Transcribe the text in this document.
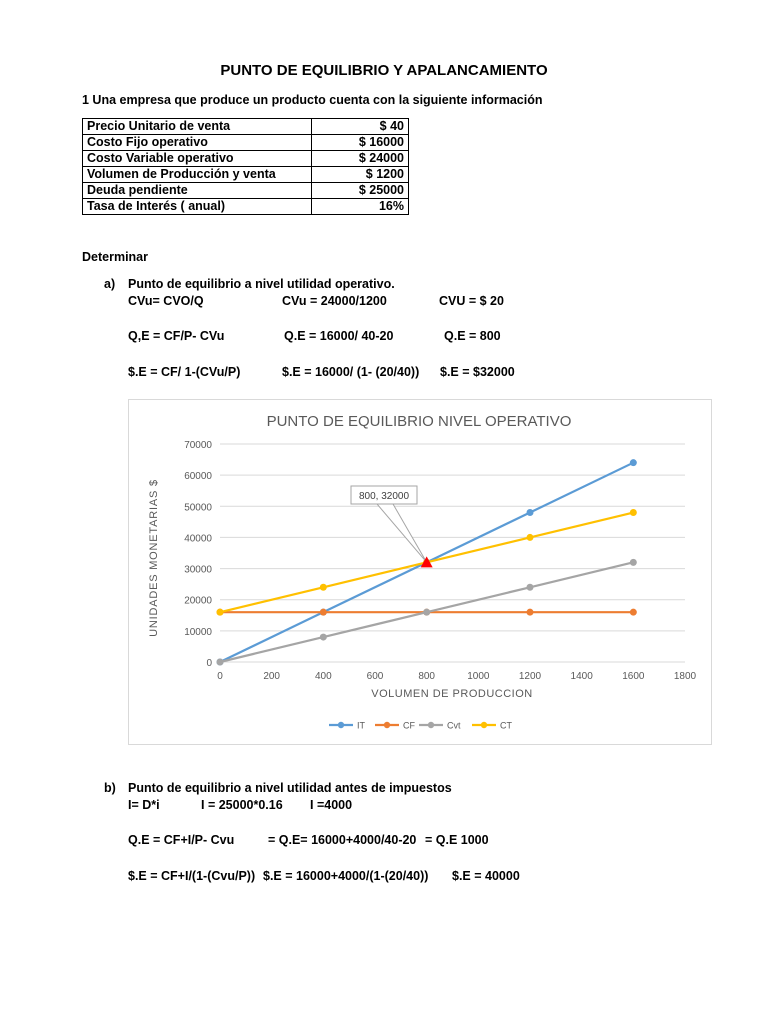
PUNTO DE EQUILIBRIO Y APALANCAMIENTO
1 Una empresa que produce un producto cuenta con la siguiente información
Precio Unitario de venta	$ 40
Costo Fijo operativo	$ 16000
Costo Variable operativo	$ 24000
Volumen de Producción y venta	$ 1200
Deuda pendiente	$ 25000
Tasa de Interés ( anual)	16%
Determinar
a) Punto de equilibrio a nivel utilidad operativo.
CVu= CVO/Q	CVu = 24000/1200	CVU = $ 20
Q,E = CF/P- CVu	Q.E = 16000/ 40-20	Q.E = 800
$.E = CF/ 1-(CVu/P)	$.E = 16000/ (1- (20/40)) $.E = $32000
PUNTO DE EQUILIBRIO NIVEL OPERATIVO
0
10000
20000
30000
40000
50000
60000
70000
0	200	400	600	800	1000	1200	1400	1600	1800
800, 32000
VOLUMEN DE PRODUCCION
UNIDADES MONETARIAS $
IT	CF	Cvt	CT
b) Punto de equilibrio a nivel utilidad antes de impuestos
I= D*i	I = 25000*0.16 I =4000
Q.E = CF+I/P- Cvu	= Q.E= 16000+4000/40-20 = Q.E 1000
$.E = CF+I/(1-(Cvu/P)) $.E = 16000+4000/(1-(20/40)) $.E = 40000
